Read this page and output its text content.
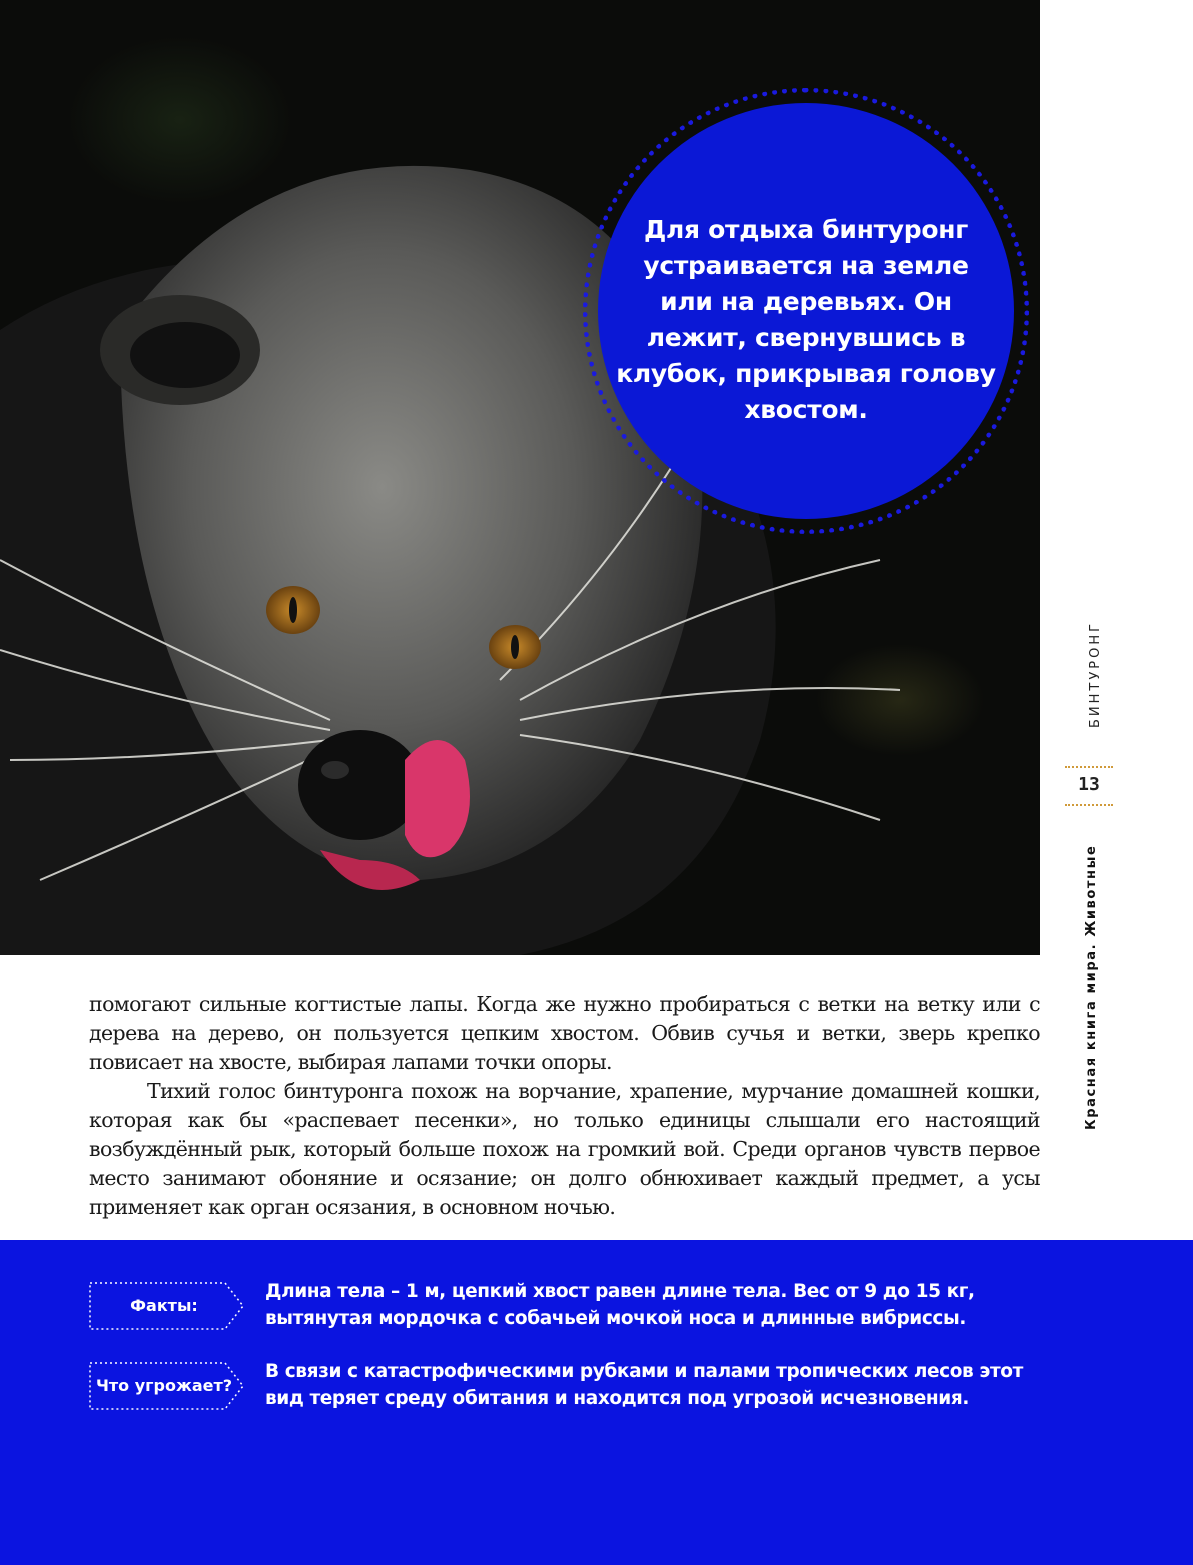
Для отдыха бинтуронг устраивается на земле или на деревьях. Он лежит, свернувшись в клубок, прикрывая голову хвостом.
БИНТУРОНГ
13
Красная книга мира. Животные

помогают сильные когтистые лапы. Когда же нужно пробираться с ветки на ветку или с дерева на дерево, он пользуется цепким хвостом. Обвив сучья и ветки, зверь крепко повисает на хвосте, выбирая лапами точки опоры.

Тихий голос бинтуронга похож на ворчание, храпение, мурчание домашней кошки, которая как бы «распевает песенки», но только единицы слышали его настоящий возбуждённый рык, который больше похож на громкий вой. Среди органов чувств первое место занимают обоняние и осязание; он долго обнюхивает каждый предмет, а усы применяет как орган осязания, в основном ночью.

Факты:
Длина тела – 1 м, цепкий хвост равен длине тела. Вес от 9 до 15 кг, вытянутая мордочка с собачьей мочкой носа и длинные вибриссы.
Что угрожает?
В связи с катастрофическими рубками и палами тропических лесов этот вид теряет среду обитания и находится под угрозой исчезновения.
